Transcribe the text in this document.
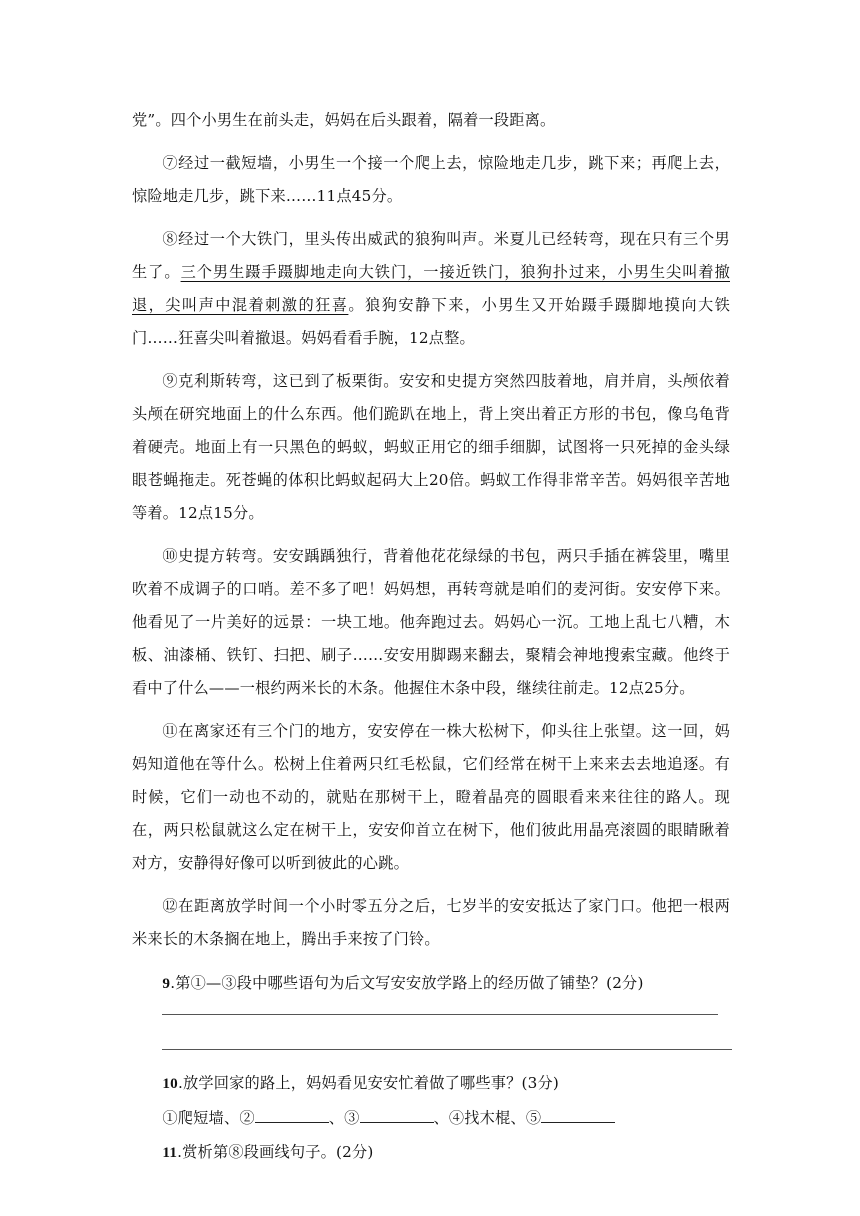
党”。四个小男生在前头走，妈妈在后头跟着，隔着一段距离。

⑦经过一截短墙，小男生一个接一个爬上去，惊险地走几步，跳下来；再爬上去，惊险地走几步，跳下来……11点45分。

⑧经过一个大铁门，里头传出威武的狼狗叫声。米夏儿已经转弯，现在只有三个男生了。三个男生蹑手蹑脚地走向大铁门，一接近铁门，狼狗扑过来，小男生尖叫着撤退，尖叫声中混着刺激的狂喜。狼狗安静下来，小男生又开始蹑手蹑脚地摸向大铁门……狂喜尖叫着撤退。妈妈看看手腕，12点整。

⑨克利斯转弯，这已到了板栗街。安安和史提方突然四肢着地，肩并肩，头颅依着头颅在研究地面上的什么东西。他们跪趴在地上，背上突出着正方形的书包，像乌龟背着硬壳。地面上有一只黑色的蚂蚁，蚂蚁正用它的细手细脚，试图将一只死掉的金头绿眼苍蝇拖走。死苍蝇的体积比蚂蚁起码大上20倍。蚂蚁工作得非常辛苦。妈妈很辛苦地等着。12点15分。

⑩史提方转弯。安安踽踽独行，背着他花花绿绿的书包，两只手插在裤袋里，嘴里吹着不成调子的口哨。差不多了吧！妈妈想，再转弯就是咱们的麦河街。安安停下来。他看见了一片美好的远景：一块工地。他奔跑过去。妈妈心一沉。工地上乱七八糟，木板、油漆桶、铁钉、扫把、刷子……安安用脚踢来翻去，聚精会神地搜索宝藏。他终于看中了什么——一根约两米长的木条。他握住木条中段，继续往前走。12点25分。

⑪在离家还有三个门的地方，安安停在一株大松树下，仰头往上张望。这一回，妈妈知道他在等什么。松树上住着两只红毛松鼠，它们经常在树干上来来去去地追逐。有时候，它们一动也不动的，就贴在那树干上，瞪着晶亮的圆眼看来来往往的路人。现在，两只松鼠就这么定在树干上，安安仰首立在树下，他们彼此用晶亮滚圆的眼睛瞅着对方，安静得好像可以听到彼此的心跳。

⑫在距离放学时间一个小时零五分之后，七岁半的安安抵达了家门口。他把一根两米来长的木条搁在地上，腾出手来按了门铃。

9.第①—③段中哪些语句为后文写安安放学路上的经历做了铺垫？(2分)

10.放学回家的路上，妈妈看见安安忙着做了哪些事？(3分)

①爬短墙、②	、③	、④找木棍、⑤

11.赏析第⑧段画线句子。(2分)
